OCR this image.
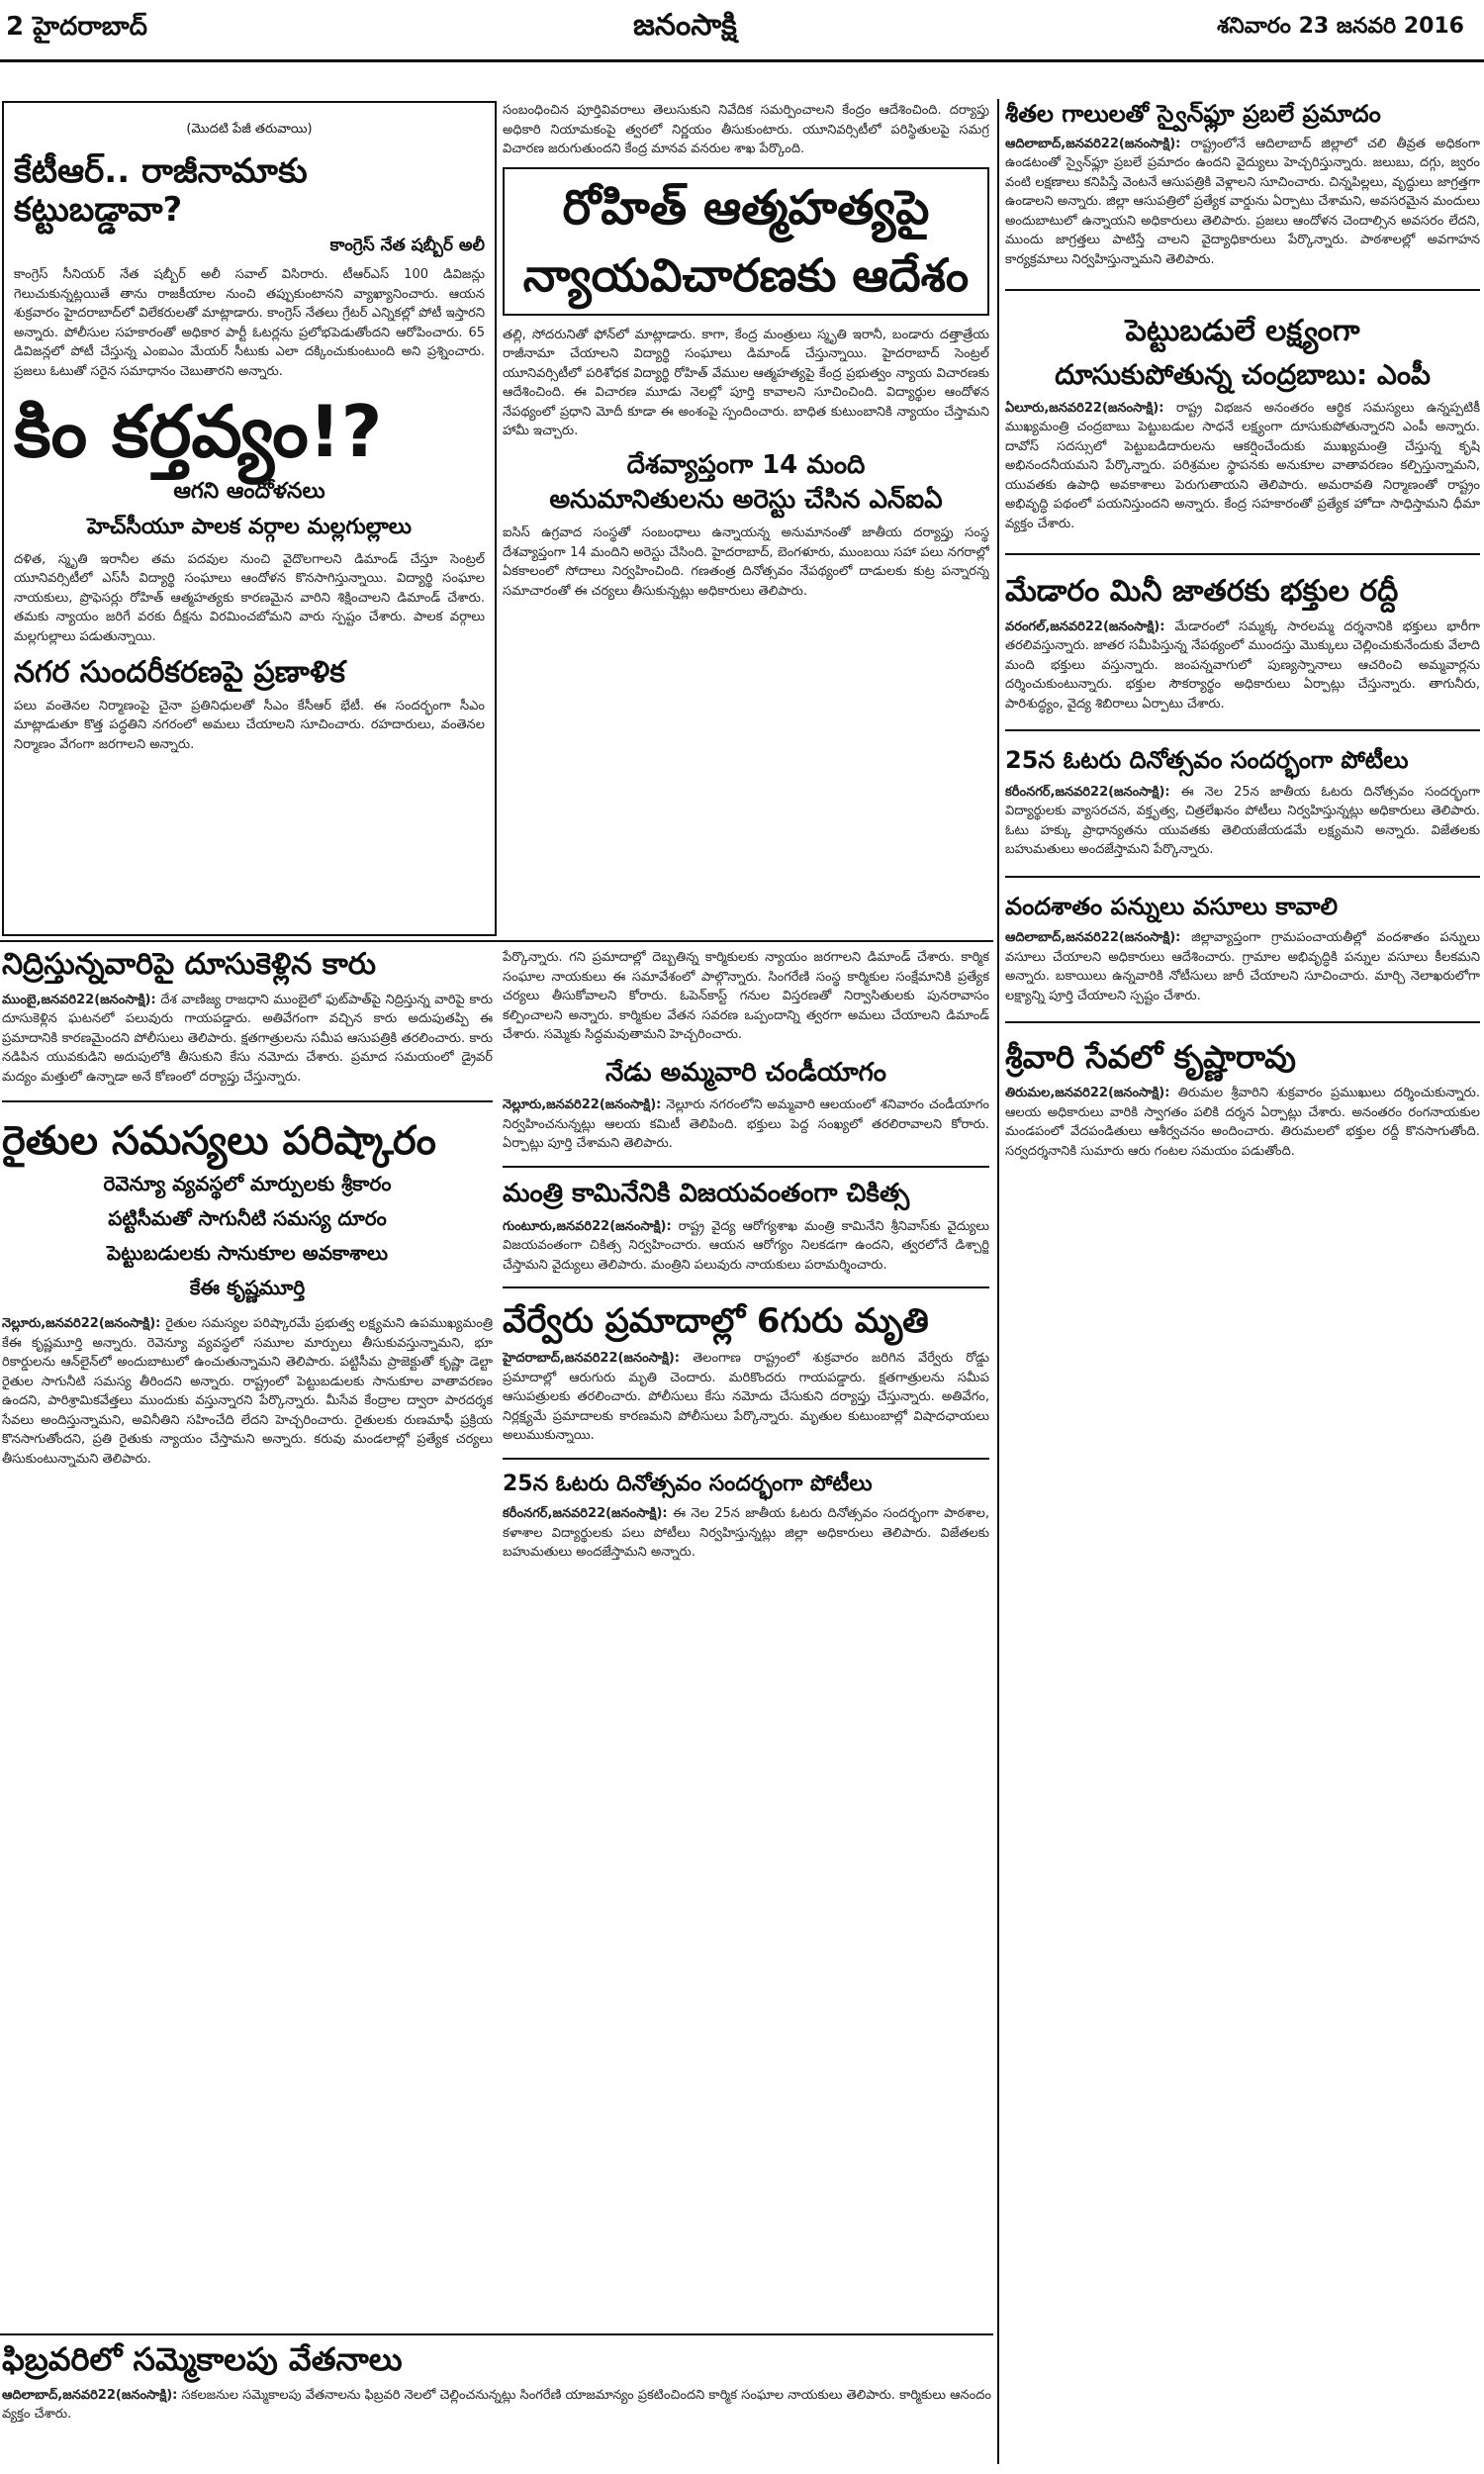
2 హైదరాబాద్	జనంసాక్షి	శనివారం 23 జనవరి 2016

(మొదటి పేజీ తరువాయి)

కేటీఆర్.. రాజీనామాకు కట్టుబడ్డావా?

కాంగ్రెస్‌ నేత షబ్బీర్‌ అలీ

కాంగ్రెస్‌ సీనియర్‌ నేత షబ్బీర్‌ అలీ సవాల్‌ విసిరారు. టీఆర్‌ఎస్‌ 100 డివిజన్లు గెలుచుకున్నట్లయితే తాను రాజకీయాల నుంచి తప్పుకుంటానని వ్యాఖ్యానించారు. ఆయన శుక్రవారం హైదరాబాద్‌లో విలేకరులతో మాట్లాడారు. కాంగ్రెస్‌ నేతలు గ్రేటర్‌ ఎన్నికల్లో పోటీ ఇస్తారని అన్నారు. పోలీసుల సహకారంతో అధికార పార్టీ ఓటర్లను ప్రలోభపెడుతోందని ఆరోపించారు. 65 డివిజన్లలో పోటీ చేస్తున్న ఎంఐఎం మేయర్‌ సీటుకు ఎలా దక్కించుకుంటుంది అని ప్రశ్నించారు. ప్రజలు ఓటుతో సరైన సమాధానం చెబుతారని అన్నారు.

కిం కర్తవ్యం!?

ఆగని ఆందోళనలు

హెచ్‌సీయూ పాలక వర్గాల మల్లగుల్లాలు

దళిత, స్మృతి ఇరానీల తమ పదవుల నుంచి వైదొలగాలని డిమాండ్‌ చేస్తూ సెంట్రల్‌ యూనివర్సిటీలో ఎస్‌సీ విద్యార్థి సంఘాలు ఆందోళన కొనసాగిస్తున్నాయి. విద్యార్థి సంఘాల నాయకులు, ప్రొఫెసర్లు రోహిత్‌ ఆత్మహత్యకు కారణమైన వారిని శిక్షించాలని డిమాండ్‌ చేశారు. తమకు న్యాయం జరిగే వరకు దీక్షను విరమించబోమని వారు స్పష్టం చేశారు. పాలక వర్గాలు మల్లగుల్లాలు పడుతున్నాయి.

నగర సుందరీకరణపై ప్రణాళిక

పలు వంతెనల నిర్మాణంపై చైనా ప్రతినిధులతో సీఎం కేసీఆర్‌ భేటీ. ఈ సందర్భంగా సీఎం మాట్లాడుతూ కొత్త పద్ధతిని నగరంలో అమలు చేయాలని సూచించారు. రహదారులు, వంతెనల నిర్మాణం వేగంగా జరగాలని అన్నారు.

సంబంధించిన పూర్తివివరాలు తెలుసుకుని నివేదిక సమర్పించాలని కేంద్రం ఆదేశించింది. దర్యాప్తు అధికారి నియామకంపై త్వరలో నిర్ణయం తీసుకుంటారు. యూనివర్సిటీలో పరిస్థితులపై సమగ్ర విచారణ జరుగుతుందని కేంద్ర మానవ వనరుల శాఖ పేర్కొంది.

రోహిత్‌ ఆత్మహత్యపై

న్యాయవిచారణకు ఆదేశం

తల్లి, సోదరునితో ఫోన్‌లో మాట్లాడారు. కాగా, కేంద్ర మంత్రులు స్మృతి ఇరానీ, బండారు దత్తాత్రేయ రాజీనామా చేయాలని విద్యార్థి సంఘాలు డిమాండ్‌ చేస్తున్నాయి. హైదరాబాద్‌ సెంట్రల్‌ యూనివర్సిటీలో పరిశోధక విద్యార్థి రోహిత్‌ వేముల ఆత్మహత్యపై కేంద్ర ప్రభుత్వం న్యాయ విచారణకు ఆదేశించింది. ఈ విచారణ మూడు నెలల్లో పూర్తి కావాలని సూచించింది. విద్యార్థుల ఆందోళన నేపథ్యంలో ప్రధాని మోదీ కూడా ఈ అంశంపై స్పందించారు. బాధిత కుటుంబానికి న్యాయం చేస్తామని హామీ ఇచ్చారు.

దేశవ్యాప్తంగా 14 మంది

అనుమానితులను అరెస్టు చేసిన ఎన్‌ఐఏ

ఐసిస్‌ ఉగ్రవాద సంస్థతో సంబంధాలు ఉన్నాయన్న అనుమానంతో జాతీయ దర్యాప్తు సంస్థ దేశవ్యాప్తంగా 14 మందిని అరెస్టు చేసింది. హైదరాబాద్‌, బెంగళూరు, ముంబయి సహా పలు నగరాల్లో ఏకకాలంలో సోదాలు నిర్వహించింది. గణతంత్ర దినోత్సవం నేపథ్యంలో దాడులకు కుట్ర పన్నారన్న సమాచారంతో ఈ చర్యలు తీసుకున్నట్లు అధికారులు తెలిపారు.

శీతల గాలులతో స్వైన్‌ఫ్లూ ప్రబలే ప్రమాదం

ఆదిలాబాద్‌,జనవరి22(జనంసాక్షి): రాష్ట్రంలోనే ఆదిలాబాద్‌ జిల్లాలో చలి తీవ్రత అధికంగా ఉండటంతో స్వైన్‌ఫ్లూ ప్రబలే ప్రమాదం ఉందని వైద్యులు హెచ్చరిస్తున్నారు. జలుబు, దగ్గు, జ్వరం వంటి లక్షణాలు కనిపిస్తే వెంటనే ఆసుపత్రికి వెళ్లాలని సూచించారు. చిన్నపిల్లలు, వృద్ధులు జాగ్రత్తగా ఉండాలని అన్నారు. జిల్లా ఆసుపత్రిలో ప్రత్యేక వార్డును ఏర్పాటు చేశామని, అవసరమైన మందులు అందుబాటులో ఉన్నాయని అధికారులు తెలిపారు. ప్రజలు ఆందోళన చెందాల్సిన అవసరం లేదని, ముందు జాగ్రత్తలు పాటిస్తే చాలని వైద్యాధికారులు పేర్కొన్నారు. పాఠశాలల్లో అవగాహన కార్యక్రమాలు నిర్వహిస్తున్నామని తెలిపారు.

పెట్టుబడులే లక్ష్యంగా

దూసుకుపోతున్న చంద్రబాబు: ఎంపీ

ఏలూరు,జనవరి22(జనంసాక్షి): రాష్ట్ర విభజన అనంతరం ఆర్థిక సమస్యలు ఉన్నప్పటికీ ముఖ్యమంత్రి చంద్రబాబు పెట్టుబడుల సాధనే లక్ష్యంగా దూసుకుపోతున్నారని ఎంపీ అన్నారు. దావోస్‌ సదస్సులో పెట్టుబడిదారులను ఆకర్షించేందుకు ముఖ్యమంత్రి చేస్తున్న కృషి అభినందనీయమని పేర్కొన్నారు. పరిశ్రమల స్థాపనకు అనుకూల వాతావరణం కల్పిస్తున్నామని, యువతకు ఉపాధి అవకాశాలు పెరుగుతాయని తెలిపారు. అమరావతి నిర్మాణంతో రాష్ట్రం అభివృద్ధి పథంలో పయనిస్తుందని అన్నారు. కేంద్ర సహకారంతో ప్రత్యేక హోదా సాధిస్తామని ధీమా వ్యక్తం చేశారు.

మేడారం మినీ జాతరకు భక్తుల రద్దీ

వరంగల్‌,జనవరి22(జనంసాక్షి): మేడారంలో సమ్మక్క సారలమ్మ దర్శనానికి భక్తులు భారీగా తరలివస్తున్నారు. జాతర సమీపిస్తున్న నేపథ్యంలో ముందస్తు మొక్కులు చెల్లించుకునేందుకు వేలాది మంది భక్తులు వస్తున్నారు. జంపన్నవాగులో పుణ్యస్నానాలు ఆచరించి అమ్మవార్లను దర్శించుకుంటున్నారు. భక్తుల సౌకర్యార్థం అధికారులు ఏర్పాట్లు చేస్తున్నారు. తాగునీరు, పారిశుద్ధ్యం, వైద్య శిబిరాలు ఏర్పాటు చేశారు.

25న ఓటరు దినోత్సవం సందర్భంగా పోటీలు

కరీంనగర్‌,జనవరి22(జనంసాక్షి): ఈ నెల 25న జాతీయ ఓటరు దినోత్సవం సందర్భంగా విద్యార్థులకు వ్యాసరచన, వక్తృత్వ, చిత్రలేఖనం పోటీలు నిర్వహిస్తున్నట్లు అధికారులు తెలిపారు. ఓటు హక్కు ప్రాధాన్యతను యువతకు తెలియజేయడమే లక్ష్యమని అన్నారు. విజేతలకు బహుమతులు అందజేస్తామని పేర్కొన్నారు.

వందశాతం పన్నులు వసూలు కావాలి

ఆదిలాబాద్‌,జనవరి22(జనంసాక్షి): జిల్లావ్యాప్తంగా గ్రామపంచాయతీల్లో వందశాతం పన్నులు వసూలు చేయాలని అధికారులు ఆదేశించారు. గ్రామాల అభివృద్ధికి పన్నుల వసూలు కీలకమని అన్నారు. బకాయిలు ఉన్నవారికి నోటీసులు జారీ చేయాలని సూచించారు. మార్చి నెలాఖరులోగా లక్ష్యాన్ని పూర్తి చేయాలని స్పష్టం చేశారు.

శ్రీవారి సేవలో కృష్ణారావు

తిరుమల,జనవరి22(జనంసాక్షి): తిరుమల శ్రీవారిని శుక్రవారం ప్రముఖులు దర్శించుకున్నారు. ఆలయ అధికారులు వారికి స్వాగతం పలికి దర్శన ఏర్పాట్లు చేశారు. అనంతరం రంగనాయకుల మండపంలో వేదపండితులు ఆశీర్వచనం అందించారు. తిరుమలలో భక్తుల రద్దీ కొనసాగుతోంది. సర్వదర్శనానికి సుమారు ఆరు గంటల సమయం పడుతోంది.

నిద్రిస్తున్నవారిపై దూసుకెళ్లిన కారు

ముంబై,జనవరి22(జనంసాక్షి): దేశ వాణిజ్య రాజధాని ముంబైలో ఫుట్‌పాత్‌పై నిద్రిస్తున్న వారిపై కారు దూసుకెళ్లిన ఘటనలో పలువురు గాయపడ్డారు. అతివేగంగా వచ్చిన కారు అదుపుతప్పి ఈ ప్రమాదానికి కారణమైందని పోలీసులు తెలిపారు. క్షతగాత్రులను సమీప ఆసుపత్రికి తరలించారు. కారు నడిపిన యువకుడిని అదుపులోకి తీసుకుని కేసు నమోదు చేశారు. ప్రమాద సమయంలో డ్రైవర్‌ మద్యం మత్తులో ఉన్నాడా అనే కోణంలో దర్యాప్తు చేస్తున్నారు.

రైతుల సమస్యలు పరిష్కారం

రెవెన్యూ వ్యవస్థలో మార్పులకు శ్రీకారం

పట్టిసీమతో సాగునీటి సమస్య దూరం

పెట్టుబడులకు సానుకూల అవకాశాలు

కేఈ కృష్ణమూర్తి

నెల్లూరు,జనవరి22(జనంసాక్షి): రైతుల సమస్యల పరిష్కారమే ప్రభుత్వ లక్ష్యమని ఉపముఖ్యమంత్రి కేఈ కృష్ణమూర్తి అన్నారు. రెవెన్యూ వ్యవస్థలో సమూల మార్పులు తీసుకువస్తున్నామని, భూ రికార్డులను ఆన్‌లైన్‌లో అందుబాటులో ఉంచుతున్నామని తెలిపారు. పట్టిసీమ ప్రాజెక్టుతో కృష్ణా డెల్టా రైతుల సాగునీటి సమస్య తీరిందని అన్నారు. రాష్ట్రంలో పెట్టుబడులకు సానుకూల వాతావరణం ఉందని, పారిశ్రామికవేత్తలు ముందుకు వస్తున్నారని పేర్కొన్నారు. మీసేవ కేంద్రాల ద్వారా పారదర్శక సేవలు అందిస్తున్నామని, అవినీతిని సహించేది లేదని హెచ్చరించారు. రైతులకు రుణమాఫీ ప్రక్రియ కొనసాగుతోందని, ప్రతి రైతుకు న్యాయం చేస్తామని అన్నారు. కరువు మండలాల్లో ప్రత్యేక చర్యలు తీసుకుంటున్నామని తెలిపారు.

పేర్కొన్నారు. గని ప్రమాదాల్లో దెబ్బతిన్న కార్మికులకు న్యాయం జరగాలని డిమాండ్‌ చేశారు. కార్మిక సంఘాల నాయకులు ఈ సమావేశంలో పాల్గొన్నారు. సింగరేణి సంస్థ కార్మికుల సంక్షేమానికి ప్రత్యేక చర్యలు తీసుకోవాలని కోరారు. ఓపెన్‌కాస్ట్‌ గనుల విస్తరణతో నిర్వాసితులకు పునరావాసం కల్పించాలని అన్నారు. కార్మికుల వేతన సవరణ ఒప్పందాన్ని త్వరగా అమలు చేయాలని డిమాండ్‌ చేశారు. సమ్మెకు సిద్ధమవుతామని హెచ్చరించారు.

నేడు అమ్మవారి చండీయాగం

నెల్లూరు,జనవరి22(జనంసాక్షి): నెల్లూరు నగరంలోని అమ్మవారి ఆలయంలో శనివారం చండీయాగం నిర్వహించనున్నట్లు ఆలయ కమిటీ తెలిపింది. భక్తులు పెద్ద సంఖ్యలో తరలిరావాలని కోరారు. ఏర్పాట్లు పూర్తి చేశామని తెలిపారు.

మంత్రి కామినేనికి విజయవంతంగా చికిత్స

గుంటూరు,జనవరి22(జనంసాక్షి): రాష్ట్ర వైద్య ఆరోగ్యశాఖ మంత్రి కామినేని శ్రీనివాస్‌కు వైద్యులు విజయవంతంగా చికిత్స నిర్వహించారు. ఆయన ఆరోగ్యం నిలకడగా ఉందని, త్వరలోనే డిశ్చార్జి చేస్తామని వైద్యులు తెలిపారు. మంత్రిని పలువురు నాయకులు పరామర్శించారు.

వేర్వేరు ప్రమాదాల్లో 6గురు మృతి

హైదరాబాద్‌,జనవరి22(జనంసాక్షి): తెలంగాణ రాష్ట్రంలో శుక్రవారం జరిగిన వేర్వేరు రోడ్డు ప్రమాదాల్లో ఆరుగురు మృతి చెందారు. మరికొందరు గాయపడ్డారు. క్షతగాత్రులను సమీప ఆసుపత్రులకు తరలించారు. పోలీసులు కేసు నమోదు చేసుకుని దర్యాప్తు చేస్తున్నారు. అతివేగం, నిర్లక్ష్యమే ప్రమాదాలకు కారణమని పోలీసులు పేర్కొన్నారు. మృతుల కుటుంబాల్లో విషాదఛాయలు అలుముకున్నాయి.

25న ఓటరు దినోత్సవం సందర్భంగా పోటీలు

కరీంనగర్‌,జనవరి22(జనంసాక్షి): ఈ నెల 25న జాతీయ ఓటరు దినోత్సవం సందర్భంగా పాఠశాల, కళాశాల విద్యార్థులకు పలు పోటీలు నిర్వహిస్తున్నట్లు జిల్లా అధికారులు తెలిపారు. విజేతలకు బహుమతులు అందజేస్తామని అన్నారు.

ఫిబ్రవరిలో సమ్మెకాలపు వేతనాలు

ఆదిలాబాద్‌,జనవరి22(జనంసాక్షి): సకలజనుల సమ్మెకాలపు వేతనాలను ఫిబ్రవరి నెలలో చెల్లించనున్నట్లు సింగరేణి యాజమాన్యం ప్రకటించిందని కార్మిక సంఘాల నాయకులు తెలిపారు. కార్మికులు ఆనందం వ్యక్తం చేశారు.
